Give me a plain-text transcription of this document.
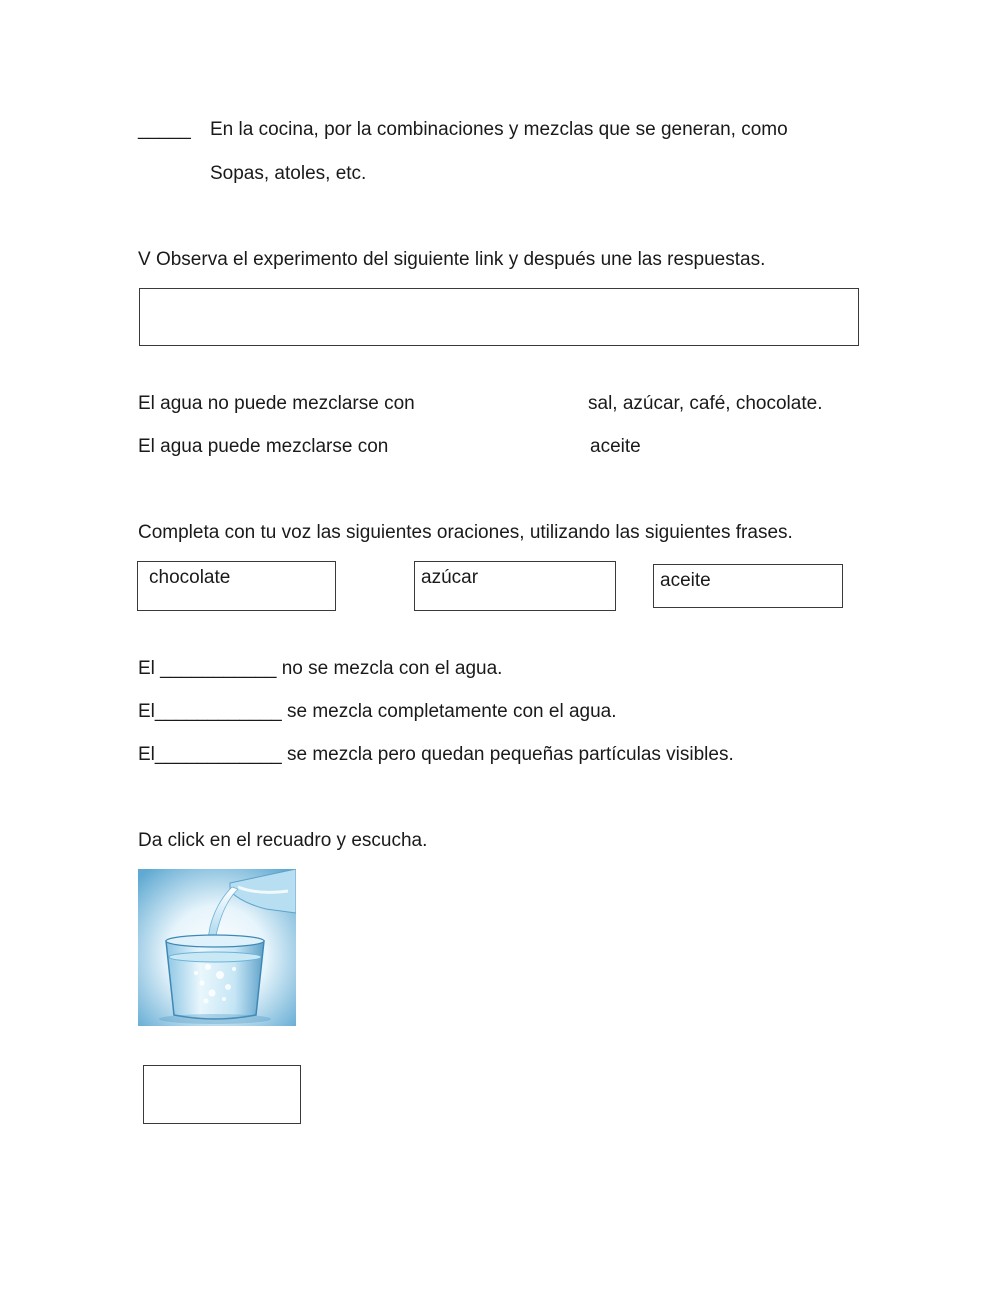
_____ En la cocina, por la combinaciones y mezclas que se generan, como
Sopas, atoles, etc.
V Observa el experimento del siguiente link y después une las respuestas.
El agua no puede mezclarse con	sal, azúcar, café, chocolate.
El agua puede mezclarse con	aceite
Completa con tu voz las siguientes oraciones, utilizando las siguientes frases.
chocolate	azúcar	aceite
El ___________ no se mezcla con el agua.
El____________ se mezcla completamente con el agua.
El____________ se mezcla pero quedan pequeñas partículas visibles.
Da click en el recuadro y escucha.
